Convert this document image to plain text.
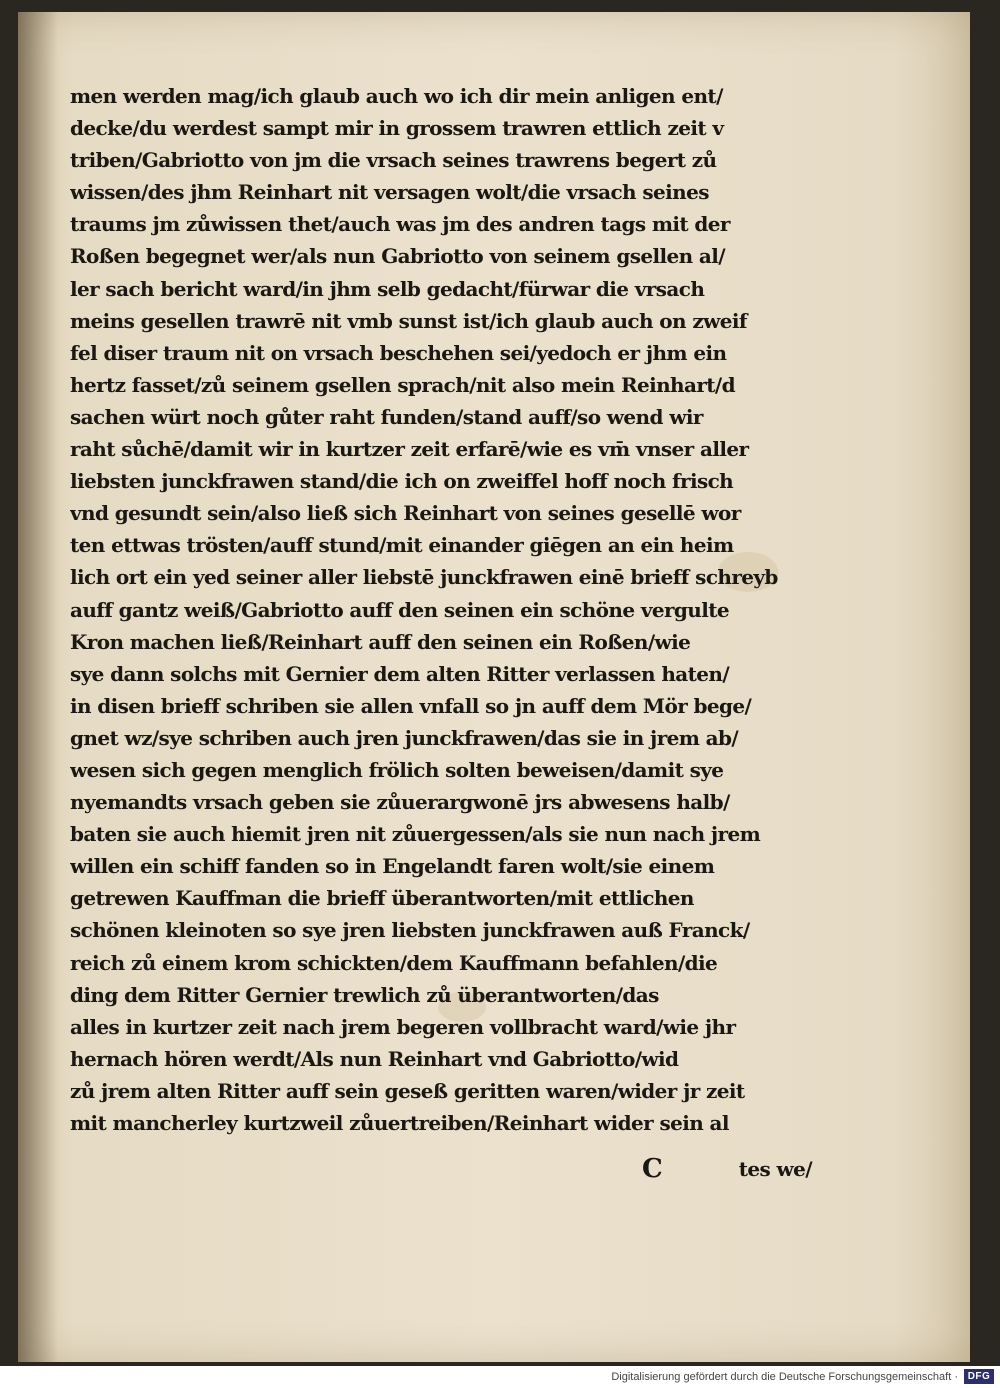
men werden mag/ich glaub auch wo ich dir mein anligen ent/
decke/du werdest sampt mir in grossem trawren ettlich zeit v
triben/Gabriotto von jm die vrsach seines trawrens begert zů
wissen/des jhm Reinhart nit versagen wolt/die vrsach seines
traums jm zůwissen thet/auch was jm des andren tags mit der
Roßen begegnet wer/als nun Gabriotto von seinem gsellen al/
ler sach bericht ward/in jhm selb gedacht/fürwar die vrsach
meins gesellen trawrē nit vmb sunst ist/ich glaub auch on zweif
fel diser traum nit on vrsach beschehen sei/yedoch er jhm ein
hertz fasset/zů seinem gsellen sprach/nit also mein Reinhart/d
sachen würt noch gůter raht funden/stand auff/so wend wir
raht sůchē/damit wir in kurtzer zeit erfarē/wie es vm̄ vnser aller
liebsten junckfrawen stand/die ich on zweiffel hoff noch frisch
vnd gesundt sein/also ließ sich Reinhart von seines gesellē wor
ten ettwas trösten/auff stund/mit einander giēgen an ein heim
lich ort ein yed seiner aller liebstē junckfrawen einē brieff schreyb
auff gantz weiß/Gabriotto auff den seinen ein schöne vergulte
Kron machen ließ/Reinhart auff den seinen ein Roßen/wie
sye dann solchs mit Gernier dem alten Ritter verlassen haten/
in disen brieff schriben sie allen vnfall so jn auff dem Mör bege/
gnet wz/sye schriben auch jren junckfrawen/das sie in jrem ab/
wesen sich gegen menglich frölich solten beweisen/damit sye
nyemandts vrsach geben sie zůuerargwonē jrs abwesens halb/
baten sie auch hiemit jren nit zůuergessen/als sie nun nach jrem
willen ein schiff fanden so in Engelandt faren wolt/sie einem
getrewen Kauffman die brieff überantworten/mit ettlichen
schönen kleinoten so sye jren liebsten junckfrawen auß Franck/
reich zů einem krom schickten/dem Kauffmann befahlen/die
ding dem Ritter Gernier trewlich zů überantworten/das
alles in kurtzer zeit nach jrem begeren vollbracht ward/wie jhr
hernach hören werdt/Als nun Reinhart vnd Gabriotto/wid
zů jrem alten Ritter auff sein geseß geritten waren/wider jr zeit
mit mancherley kurtzweil zůuertreiben/Reinhart wider sein al
C	tes we/
Digitalisierung gefördert durch die Deutsche Forschungsgemeinschaft · DFG
